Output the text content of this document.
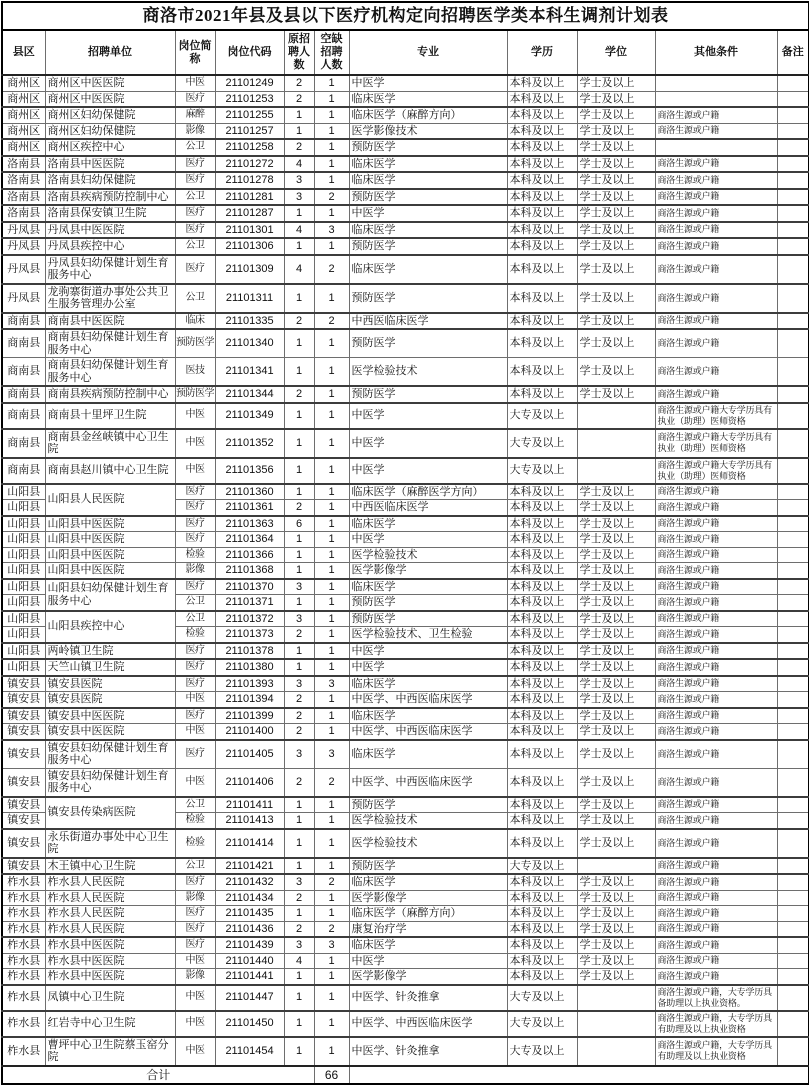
商洛市2021年县及县以下医疗机构定向招聘医学类本科生调剂计划表										
县区	招聘单位	岗位简称	岗位代码	原招聘人数	空缺招聘人数	专业	学历	学位	其他条件	备注
商州区	商州区中医医院	中医	21101249	2	1	中医学	本科及以上	学士及以上		
商州区	商州区中医医院	医疗	21101253	2	1	临床医学	本科及以上	学士及以上		
商州区	商州区妇幼保健院	麻醉	21101255	1	1	临床医学（麻醉方向）	本科及以上	学士及以上	商洛生源或户籍	
商州区	商州区妇幼保健院	影像	21101257	1	1	医学影像技术	本科及以上	学士及以上	商洛生源或户籍	
商州区	商州区疾控中心	公卫	21101258	2	1	预防医学	本科及以上	学士及以上		
洛南县	洛南县中医医院	医疗	21101272	4	1	临床医学	本科及以上	学士及以上	商洛生源或户籍	
洛南县	洛南县妇幼保健院	医疗	21101278	3	1	临床医学	本科及以上	学士及以上	商洛生源或户籍	
洛南县	洛南县疾病预防控制中心	公卫	21101281	3	2	预防医学	本科及以上	学士及以上	商洛生源或户籍	
洛南县	洛南县保安镇卫生院	医疗	21101287	1	1	中医学	本科及以上	学士及以上	商洛生源或户籍	
丹凤县	丹凤县中医医院	医疗	21101301	4	3	临床医学	本科及以上	学士及以上	商洛生源或户籍	
丹凤县	丹凤县疾控中心	公卫	21101306	1	1	预防医学	本科及以上	学士及以上	商洛生源或户籍	
丹凤县	丹凤县妇幼保健计划生育服务中心	医疗	21101309	4	2	临床医学	本科及以上	学士及以上	商洛生源或户籍	
丹凤县	龙驹寨街道办事处公共卫生服务管理办公室	公卫	21101311	1	1	预防医学	本科及以上	学士及以上	商洛生源或户籍	
商南县	商南县中医医院	临床	21101335	2	2	中西医临床医学	本科及以上	学士及以上	商洛生源或户籍	
商南县	商南县妇幼保健计划生育服务中心	预防医学	21101340	1	1	预防医学	本科及以上	学士及以上	商洛生源或户籍	
商南县	商南县妇幼保健计划生育服务中心	医技	21101341	1	1	医学检验技术	本科及以上	学士及以上	商洛生源或户籍	
商南县	商南县疾病预防控制中心	预防医学	21101344	2	1	预防医学	本科及以上	学士及以上	商洛生源或户籍	
商南县	商南县十里坪卫生院	中医	21101349	1	1	中医学	大专及以上		商洛生源或户籍大专学历具有执业（助理）医师资格	
商南县	商南县金丝峡镇中心卫生院	中医	21101352	1	1	中医学	大专及以上		商洛生源或户籍大专学历具有执业（助理）医师资格	
商南县	商南县赵川镇中心卫生院	中医	21101356	1	1	中医学	大专及以上		商洛生源或户籍大专学历具有执业（助理）医师资格	
山阳县	山阳县人民医院	医疗	21101360	1	1	临床医学（麻醉医学方向）	本科及以上	学士及以上	商洛生源或户籍	
山阳县		医疗	21101361	2	1	中西医临床医学	本科及以上	学士及以上	商洛生源或户籍	
山阳县	山阳县中医医院	医疗	21101363	6	1	临床医学	本科及以上	学士及以上	商洛生源或户籍	
山阳县	山阳县中医医院	医疗	21101364	1	1	中医学	本科及以上	学士及以上	商洛生源或户籍	
山阳县	山阳县中医医院	检验	21101366	1	1	医学检验技术	本科及以上	学士及以上	商洛生源或户籍	
山阳县	山阳县中医医院	影像	21101368	1	1	医学影像学	本科及以上	学士及以上	商洛生源或户籍	
山阳县	山阳县妇幼保健计划生育服务中心	医疗	21101370	3	1	临床医学	本科及以上	学士及以上	商洛生源或户籍	
山阳县		公卫	21101371	1	1	预防医学	本科及以上	学士及以上	商洛生源或户籍	
山阳县	山阳县疾控中心	公卫	21101372	3	1	预防医学	本科及以上	学士及以上	商洛生源或户籍	
山阳县		检验	21101373	2	1	医学检验技术、卫生检验	本科及以上	学士及以上	商洛生源或户籍	
山阳县	两岭镇卫生院	医疗	21101378	1	1	中医学	本科及以上	学士及以上	商洛生源或户籍	
山阳县	天竺山镇卫生院	医疗	21101380	1	1	中医学	本科及以上	学士及以上	商洛生源或户籍	
镇安县	镇安县医院	医疗	21101393	3	3	临床医学	本科及以上	学士及以上	商洛生源或户籍	
镇安县	镇安县医院	中医	21101394	2	1	中医学、中西医临床医学	本科及以上	学士及以上	商洛生源或户籍	
镇安县	镇安县中医医院	医疗	21101399	2	1	临床医学	本科及以上	学士及以上	商洛生源或户籍	
镇安县	镇安县中医医院	中医	21101400	2	1	中医学、中西医临床医学	本科及以上	学士及以上	商洛生源或户籍	
镇安县	镇安县妇幼保健计划生育服务中心	医疗	21101405	3	3	临床医学	本科及以上	学士及以上	商洛生源或户籍	
镇安县	镇安县妇幼保健计划生育服务中心	中医	21101406	2	2	中医学、中西医临床医学	本科及以上	学士及以上	商洛生源或户籍	
镇安县	镇安县传染病医院	公卫	21101411	1	1	预防医学	本科及以上	学士及以上	商洛生源或户籍	
镇安县		检验	21101413	1	1	医学检验技术	本科及以上	学士及以上	商洛生源或户籍	
镇安县	永乐街道办事处中心卫生院	检验	21101414	1	1	医学检验技术	本科及以上	学士及以上	商洛生源或户籍	
镇安县	木王镇中心卫生院	公卫	21101421	1	1	预防医学	大专及以上		商洛生源或户籍	
柞水县	柞水县人民医院	医疗	21101432	3	2	临床医学	本科及以上	学士及以上	商洛生源或户籍	
柞水县	柞水县人民医院	影像	21101434	2	1	医学影像学	本科及以上	学士及以上	商洛生源或户籍	
柞水县	柞水县人民医院	医疗	21101435	1	1	临床医学（麻醉方向）	本科及以上	学士及以上	商洛生源或户籍	
柞水县	柞水县人民医院	医疗	21101436	2	2	康复治疗学	本科及以上	学士及以上	商洛生源或户籍	
柞水县	柞水县中医医院	医疗	21101439	3	3	临床医学	本科及以上	学士及以上	商洛生源或户籍	
柞水县	柞水县中医医院	中医	21101440	4	1	中医学	本科及以上	学士及以上	商洛生源或户籍	
柞水县	柞水县中医医院	影像	21101441	1	1	医学影像学	本科及以上	学士及以上	商洛生源或户籍	
柞水县	凤镇中心卫生院	中医	21101447	1	1	中医学、针灸推拿	大专及以上		商洛生源或户籍，大专学历具备助理以上执业资格。	
柞水县	红岩寺中心卫生院	中医	21101450	1	1	中医学、中西医临床医学	大专及以上		商洛生源或户籍，大专学历具有助理及以上执业资格	
柞水县	曹坪中心卫生院蔡玉窑分院	中医	21101454	1	1	中医学、针灸推拿	大专及以上		商洛生源或户籍，大专学历具有助理及以上执业资格	
合计					66					
